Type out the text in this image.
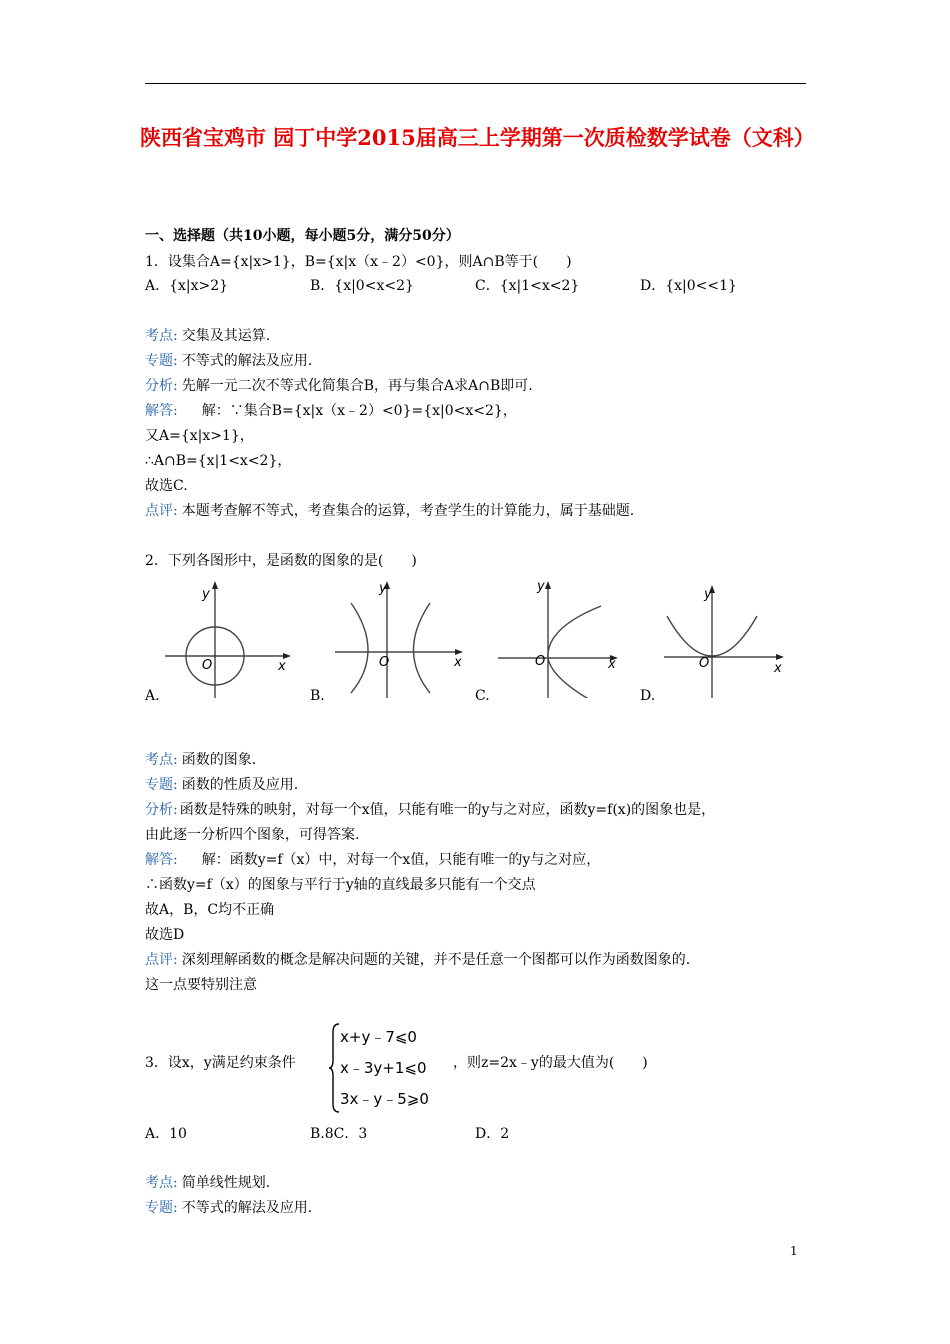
陕西省宝鸡市 园丁中学2015届高三上学期第一次质检数学试卷（文科）
一、选择题（共10小题，每小题5分，满分50分）
1．设集合A={x|x>1}，B={x|x（x﹣2）<0}，则A∩B等于(　　)
A．{x|x>2}	B．{x|0<x<2}	C．{x|1<x<2}	D．{x|0<<1}
考点: 交集及其运算.
专题: 不等式的解法及应用.
分析: 先解一元二次不等式化简集合B，再与集合A求A∩B即可.
解答: 解：∵集合B={x|x（x﹣2）<0}={x|0<x<2}，
又A={x|x>1}，
∴A∩B={x|1<x<2}，
故选C.
点评: 本题考查解不等式，考查集合的运算，考查学生的计算能力，属于基础题.
2．下列各图形中，是函数的图象的是(　　)
y
O	x
A.
y
O	x
B.
y
O	x
C.
y
O	x
D.
考点: 函数的图象.
专题: 函数的性质及应用.
分析: 函数是特殊的映射，对每一个x值，只能有唯一的y与之对应，函数y=f(x)的图象也是，
由此逐一分析四个图象，可得答案.
解答: 解：函数y=f（x）中，对每一个x值，只能有唯一的y与之对应，
∴函数y=f（x）的图象与平行于y轴的直线最多只能有一个交点
故A，B，C均不正确
故选D
点评: 深刻理解函数的概念是解决问题的关键，并不是任意一个图都可以作为函数图象的.
这一点要特别注意
3．设x，y满足约束条件
x+y﹣7⩽0
x﹣3y+1⩽0
3x﹣y﹣5⩾0
，则z=2x﹣y的最大值为(　　)
A．10	B.8C．3	D．2
考点: 简单线性规划.
专题: 不等式的解法及应用.
1
